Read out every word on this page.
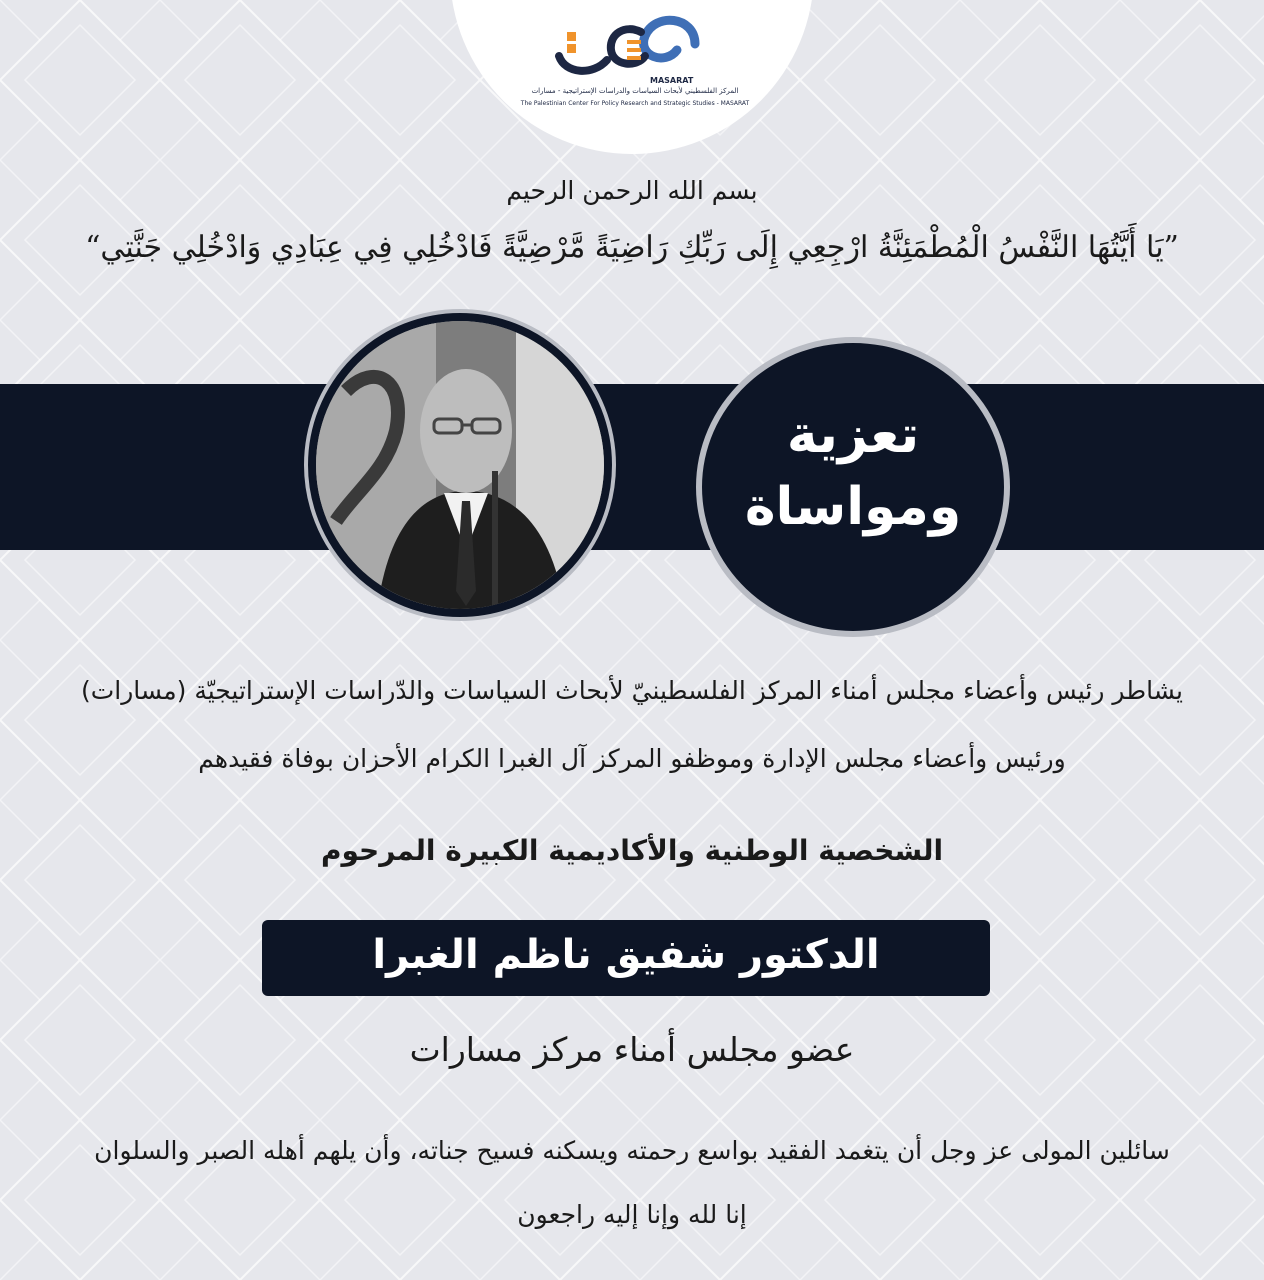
MASARAT
المركز الفلسطيني لأبحاث السياسات والدراسات الإستراتيجية - مسارات
The Palestinian Center For Policy Research and Strategic Studies - MASARAT
بسم الله الرحمن الرحيم
”يَا أَيَّتُهَا النَّفْسُ الْمُطْمَئِنَّةُ ارْجِعِي إِلَى رَبِّكِ رَاضِيَةً مَّرْضِيَّةً فَادْخُلِي فِي عِبَادِي وَادْخُلِي جَنَّتِي“
تعزية
ومواساة
يشاطر رئيس وأعضاء مجلس أمناء المركز الفلسطينيّ لأبحاث السياسات والدّراسات الإستراتيجيّة (مسارات)
ورئيس وأعضاء مجلس الإدارة وموظفو المركز آل الغبرا الكرام الأحزان بوفاة فقيدهم
الشخصية الوطنية والأكاديمية الكبيرة المرحوم
الدكتور شفيق ناظم الغبرا
عضو مجلس أمناء مركز مسارات
سائلين المولى عز وجل أن يتغمد الفقيد بواسع رحمته ويسكنه فسيح جناته، وأن يلهم أهله الصبر والسلوان
إنا لله وإنا إليه راجعون
